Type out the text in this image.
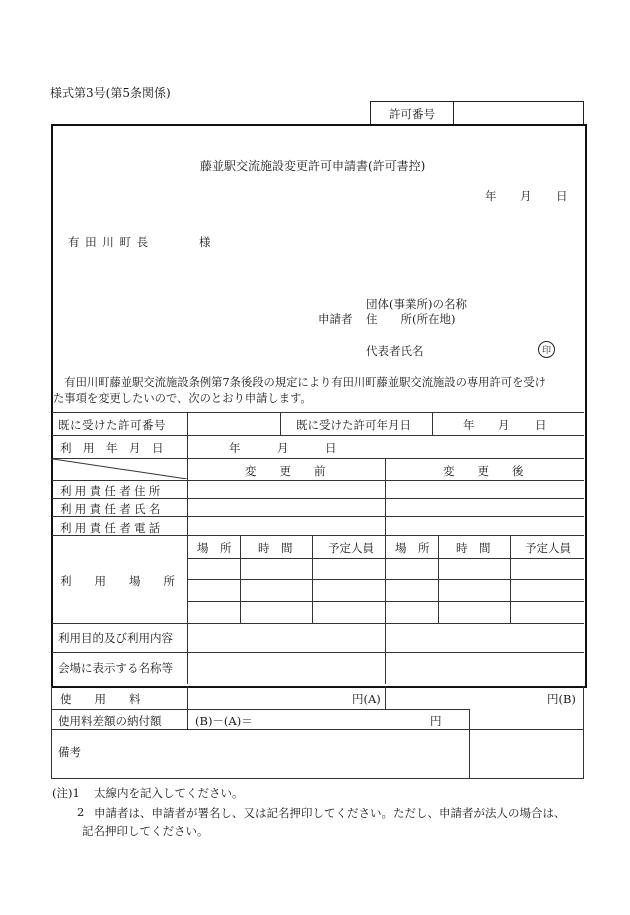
様式第3号(第5条関係)
許可番号
藤並駅交流施設変更許可申請書(許可書控)
年 月 日
有 田 川 町 長	様
団体(事業所)の名称
申請者 住　　所(所在地)
代表者氏名	印
　有田川町藤並駅交流施設条例第7条後段の規定により有田川町藤並駅交流施設の専用許可を受け
た事項を変更したいので、次のとおり申請します。
既に受けた許可番号	既に受けた許可年月日	年 月 日
利　用　年　月　日	年	月	日
変　　更　　前	変　　更　　後
利用責任者住所
利用責任者氏名
利用責任者電話
利　　用　　場　　所
場　所 時　間	予定人員 場　所 時　間	予定人員
利用目的及び利用内容
会場に表示する名称等
使　　用　　料	円(A)	円(B)
使用料差額の納付額	(B)－(A)＝	円
備考
(注)1 太線内を記入してください。
2 申請者は、申請者が署名し、又は記名押印してください。ただし、申請者が法人の場合は、
記名押印してください。
